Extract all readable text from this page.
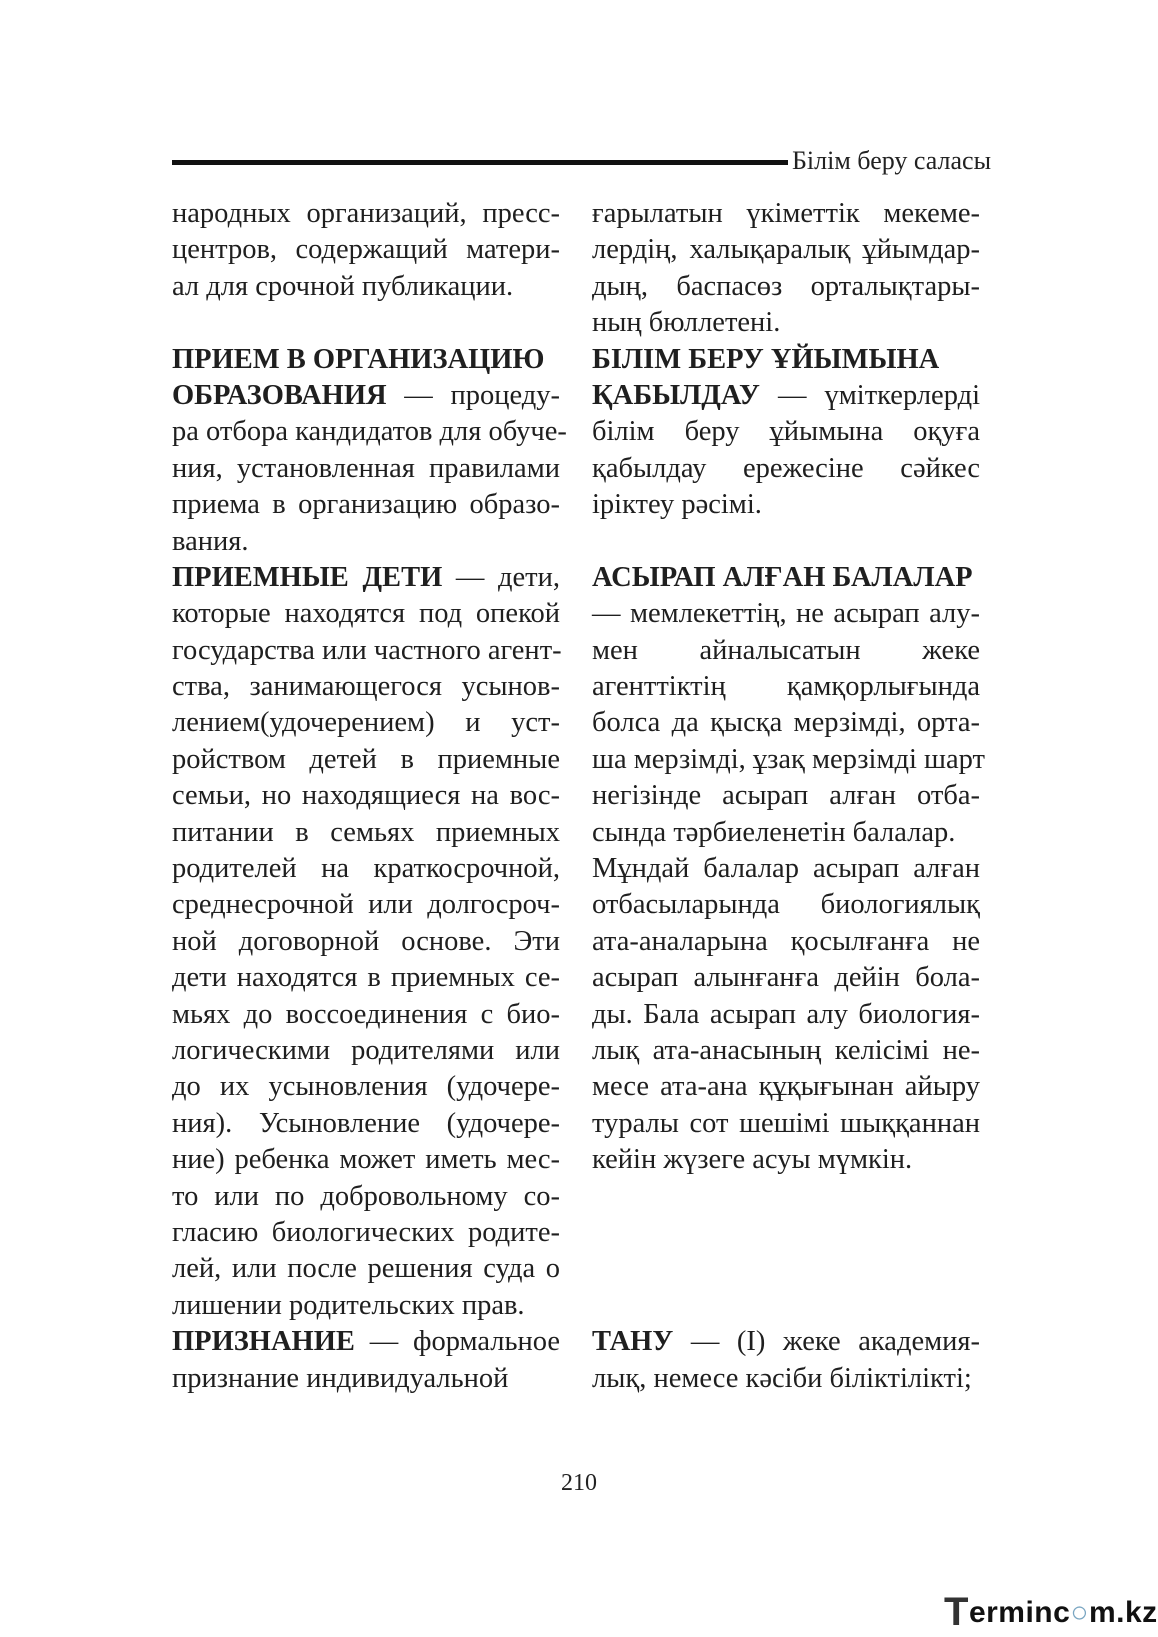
Білім беру саласы
народных организаций, пресс-
центров, содержащий матери-
ал для срочной публикации.
ПРИЕМ В ОРГАНИЗАЦИЮ
ОБРАЗОВАНИЯ — процеду-
ра отбора кандидатов для обуче-
ния, установленная правилами
приема в организацию образо-
вания.
ПРИЕМНЫЕ ДЕТИ — дети,
которые находятся под опекой
государства или частного агент-
ства, занимающегося усынов-
лением(удочерением) и уст-
ройством детей в приемные
семьи, но находящиеся на вос-
питании в семьях приемных
родителей на краткосрочной,
среднесрочной или долгосроч-
ной договорной основе. Эти
дети находятся в приемных се-
мьях до воссоединения с био-
логическими родителями или
до их усыновления (удочере-
ния). Усыновление (удочере-
ние) ребенка может иметь мес-
то или по добровольному со-
гласию биологических родите-
лей, или после решения суда о
лишении родительских прав.
ПРИЗНАНИЕ — формальное
признание индивидуальной
ғарылатын үкіметтік мекеме-
лердің, халықаралық ұйымдар-
дың, баспасөз орталықтары-
ның бюллетені.
БІЛІМ БЕРУ ҰЙЫМЫНА
ҚАБЫЛДАУ — үміткерлерді
білім беру ұйымына оқуға
қабылдау ережесіне сәйкес
іріктеу рәсімі.
АСЫРАП АЛҒАН БАЛАЛАР
— мемлекеттің, не асырап алу-
мен айналысатын жеке
агенттіктің қамқорлығында
болса да қысқа мерзімді, орта-
ша мерзімді, ұзақ мерзімді шарт
негізінде асырап алған отба-
сында тәрбиеленетін балалар.
Мұндай балалар асырап алған
отбасыларында биологиялық
ата-аналарына қосылғанға не
асырап алынғанға дейін бола-
ды. Бала асырап алу биология-
лық ата-анасының келісімі не-
месе ата-ана құқығынан айыру
туралы сот шешімі шыққаннан
кейін жүзеге асуы мүмкін.
ТАНУ — (I) жеке академия-
лық, немесе кәсіби біліктілікті;
210
Terminc○m.kz
